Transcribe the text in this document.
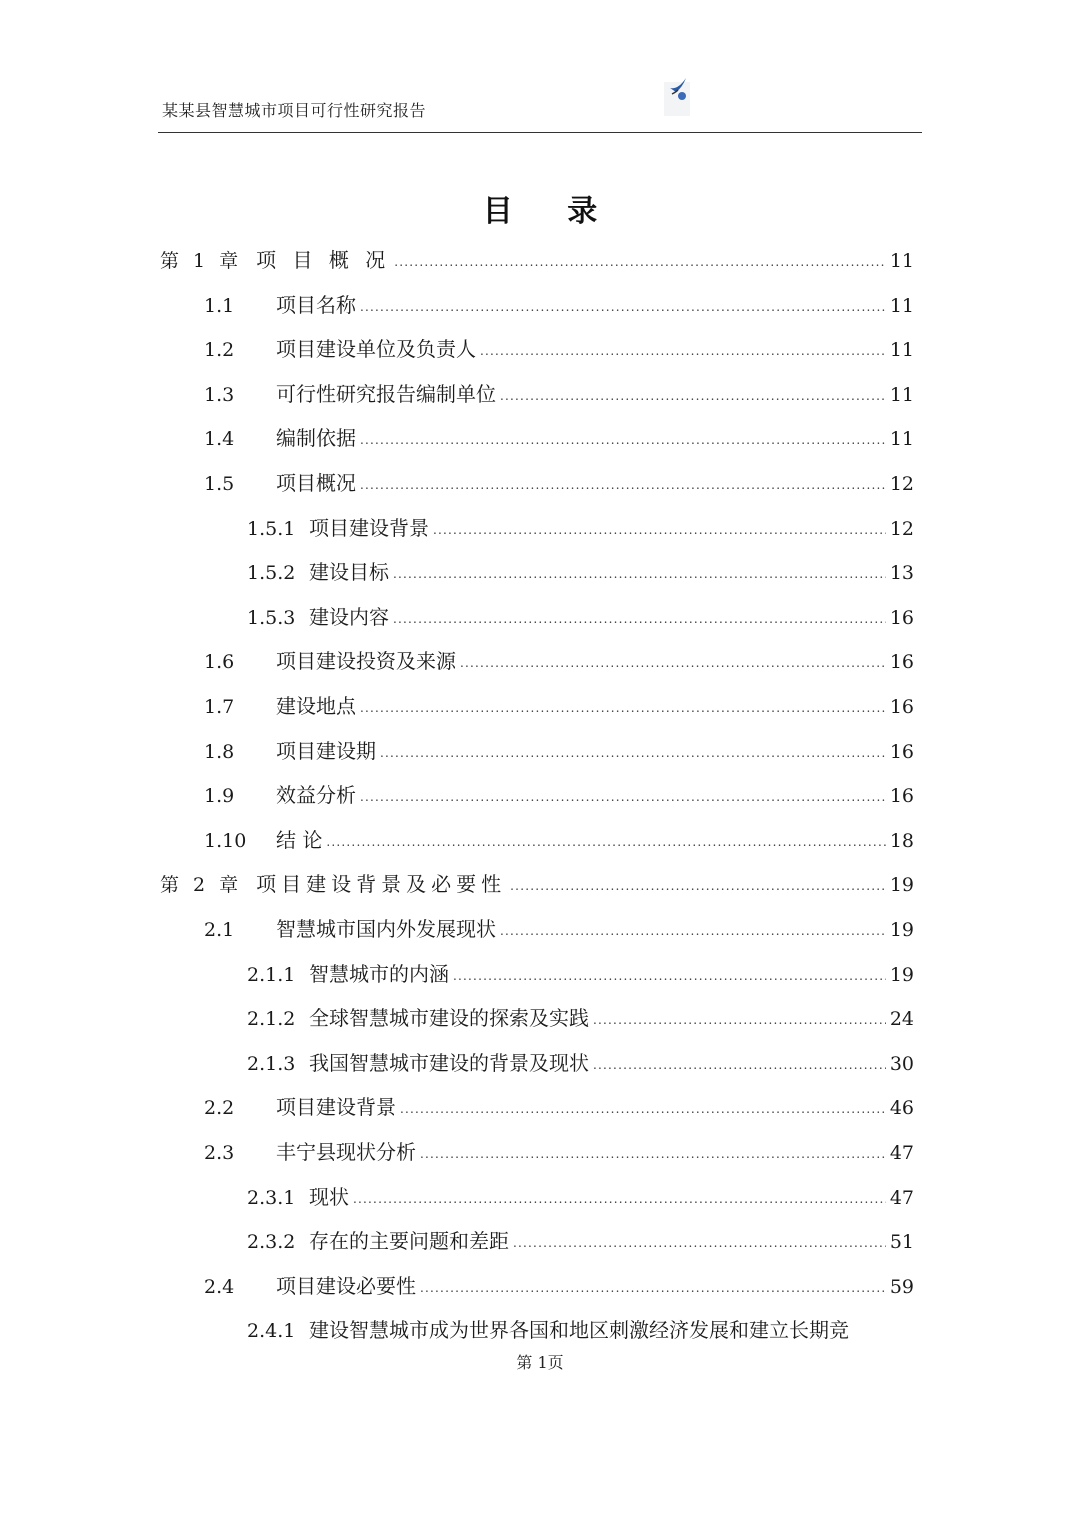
某某县智慧城市项目可行性研究报告
目 录
第 1 章 项 目 概 况 .....	11
1.1	项目名称 .....	11
1.2	项目建设单位及负责人 .....	11
1.3	可行性研究报告编制单位 .....	11
1.4	编制依据 .....	11
1.5	项目概况 .....	12
1.5.1 项目建设背景 .....	12
1.5.2 建设目标 .....	13
1.5.3 建设内容 .....	16
1.6	项目建设投资及来源 .....	16
1.7	建设地点 .....	16
1.8	项目建设期 .....	16
1.9	效益分析 .....	16
1.10	结 论 .....	18
第 2 章 项目建设背景及必要性 .....	19
2.1	智慧城市国内外发展现状 .....	19
2.1.1 智慧城市的内涵 .....	19
2.1.2 全球智慧城市建设的探索及实践 .....	24
2.1.3 我国智慧城市建设的背景及现状 .....	30
2.2	项目建设背景 .....	46
2.3	丰宁县现状分析 .....	47
2.3.1 现状 .....	47
2.3.2 存在的主要问题和差距 .....	51
2.4	项目建设必要性 .....	59
2.4.1 建设智慧城市成为世界各国和地区刺激经济发展和建立长期竞
第 1页
